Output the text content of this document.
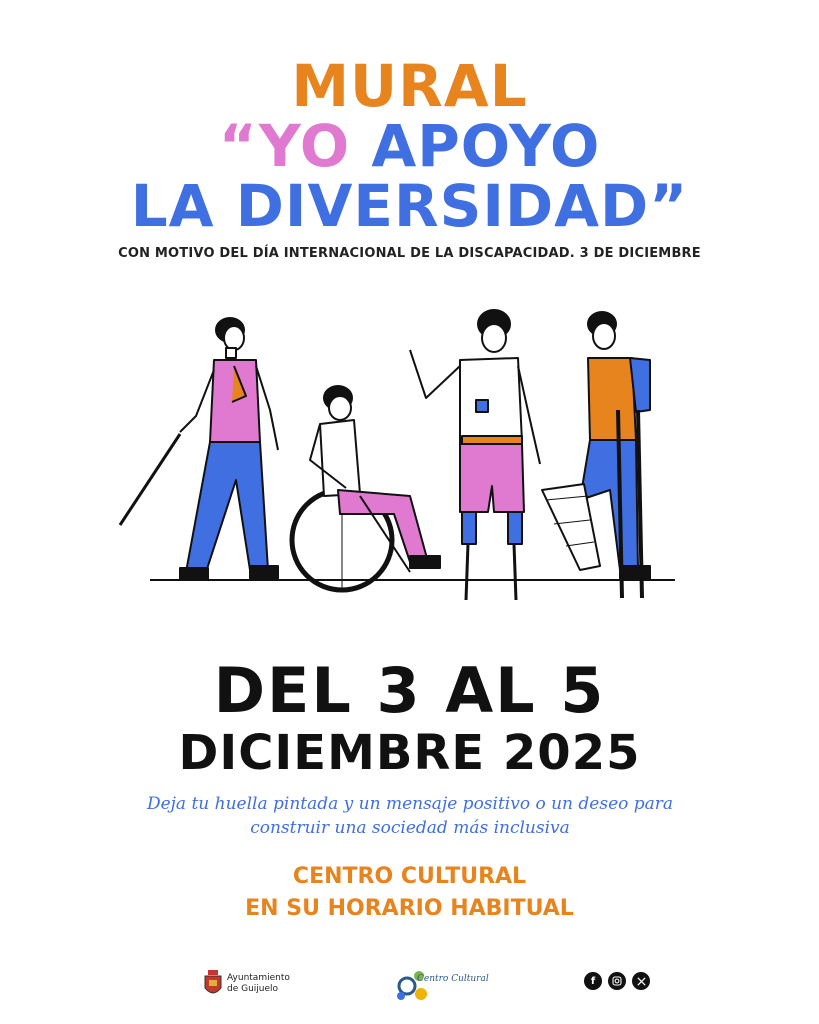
MURAL
“YO APOYO
LA DIVERSIDAD”
CON MOTIVO DEL DÍA INTERNACIONAL DE LA DISCAPACIDAD. 3 DE DICIEMBRE
DEL 3 AL 5
DICIEMBRE 2025
Deja tu huella pintada y un mensaje positivo o un deseo para
construir una sociedad más inclusiva
CENTRO CULTURAL
EN SU HORARIO HABITUAL
Ayuntamiento
de Guijuelo
Centro Cultural	f
